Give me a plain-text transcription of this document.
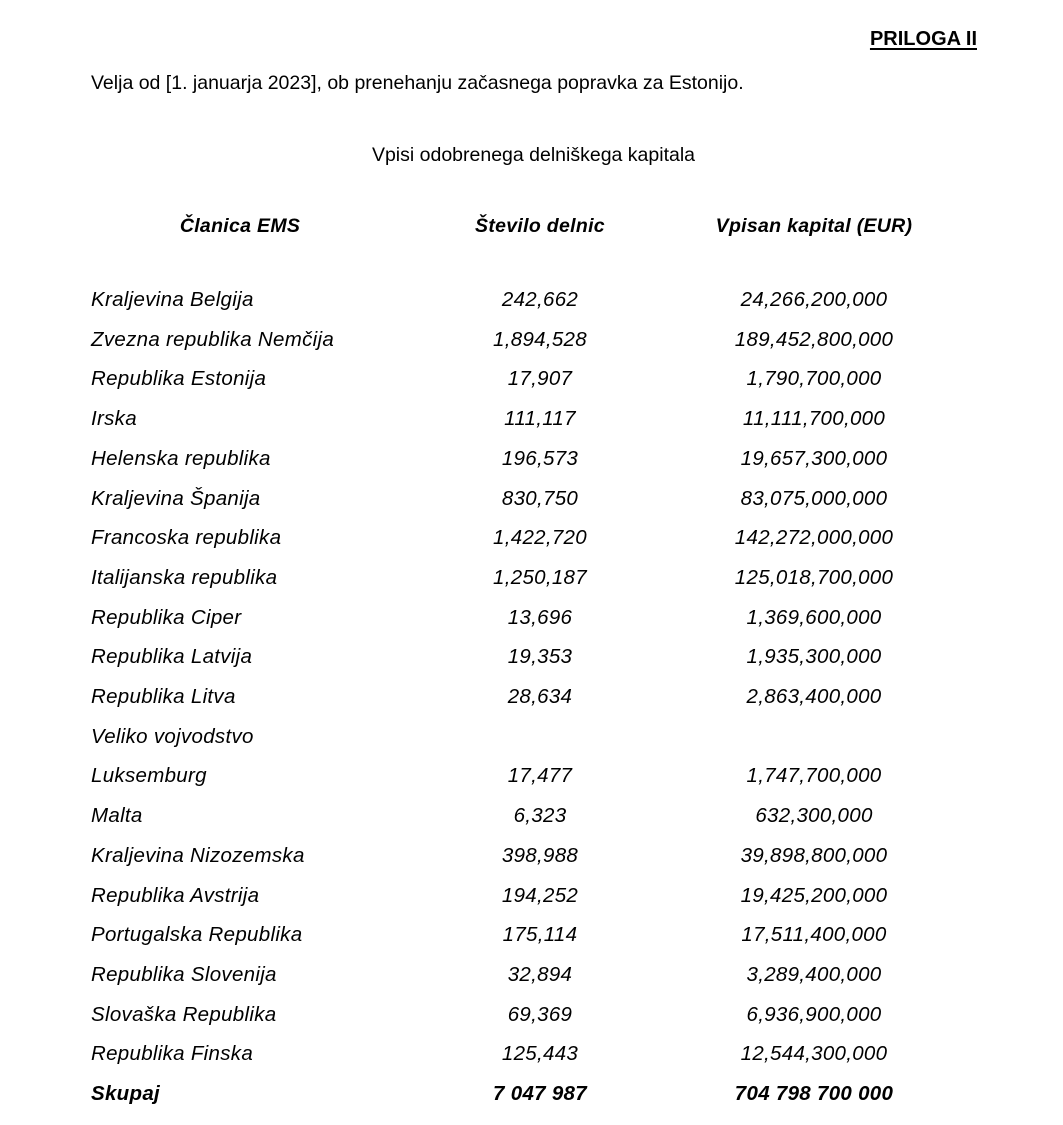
PRILOGA II
Velja od [1. januarja 2023], ob prenehanju začasnega popravka za Estonijo.
Vpisi odobrenega delniškega kapitala
Članica EMS	Število delnic	Vpisan kapital (EUR)
Kraljevina Belgija	242,662	24,266,200,000
Zvezna republika Nemčija	1,894,528	189,452,800,000
Republika Estonija	17,907	1,790,700,000
Irska	111,117	11,111,700,000
Helenska republika	196,573	19,657,300,000
Kraljevina Španija	830,750	83,075,000,000
Francoska republika	1,422,720	142,272,000,000
Italijanska republika	1,250,187	125,018,700,000
Republika Ciper	13,696	1,369,600,000
Republika Latvija	19,353	1,935,300,000
Republika Litva	28,634	2,863,400,000
Veliko vojvodstvo
Luksemburg	17,477	1,747,700,000
Malta	6,323	632,300,000
Kraljevina Nizozemska	398,988	39,898,800,000
Republika Avstrija	194,252	19,425,200,000
Portugalska Republika	175,114	17,511,400,000
Republika Slovenija	32,894	3,289,400,000
Slovaška Republika	69,369	6,936,900,000
Republika Finska	125,443	12,544,300,000
Skupaj	7 047 987	704 798 700 000
